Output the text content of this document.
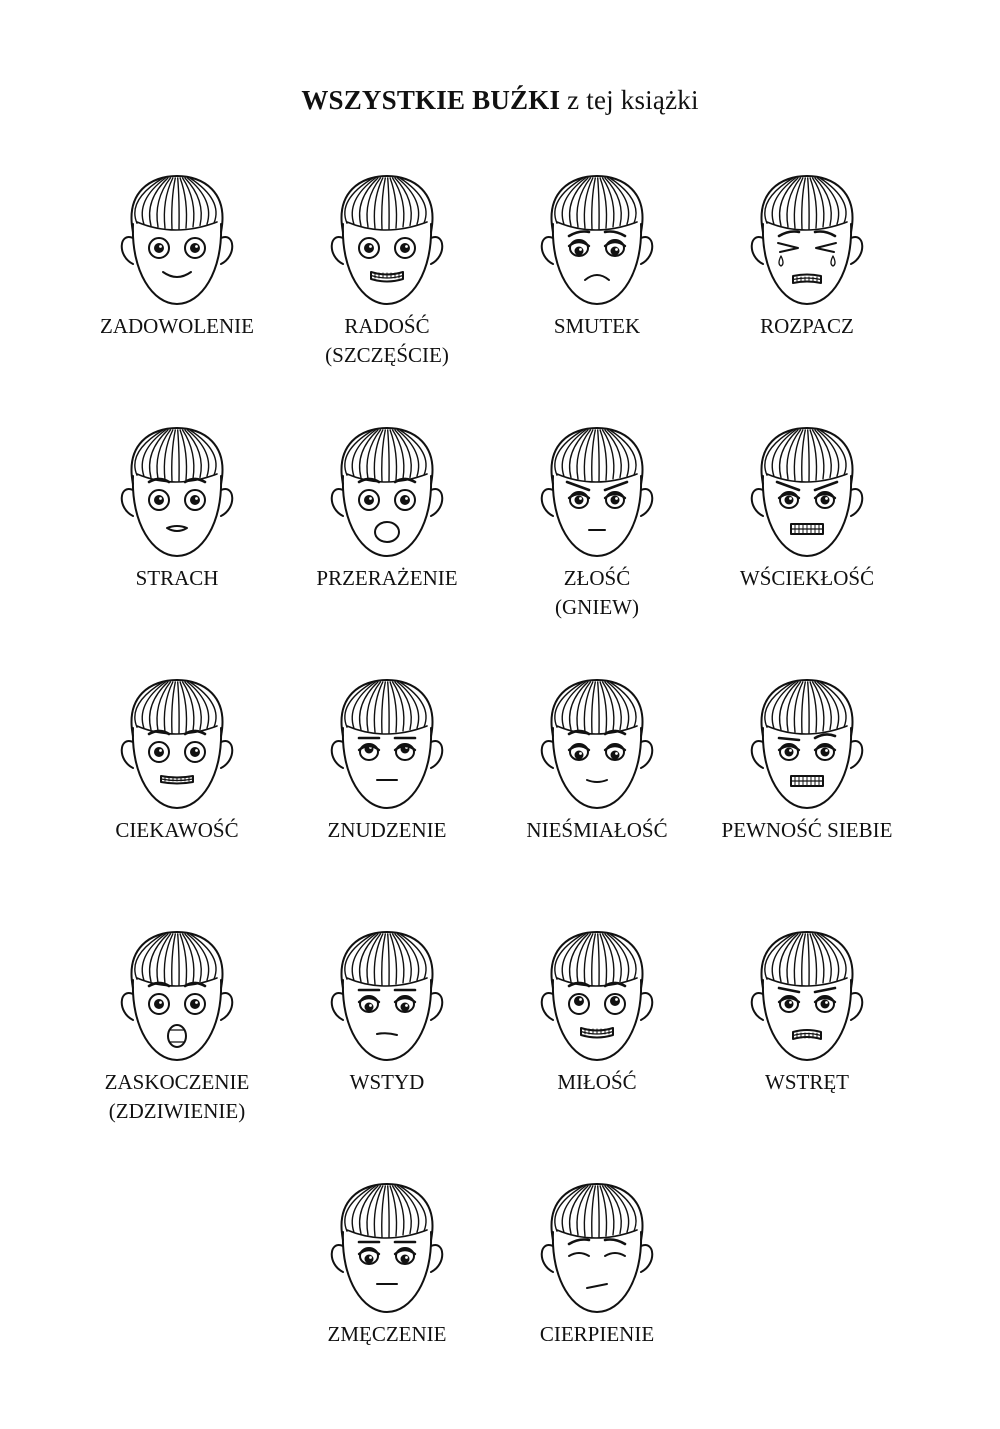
WSZYSTKIE BUŹKI z tej książki
ZADOWOLENIE	RADOŚĆ
(SZCZĘŚCIE)
SMUTEK	ROZPACZ
STRACH	PRZERAŻENIE	ZŁOŚĆ
(GNIEW)
WŚCIEKŁOŚĆ
CIEKAWOŚĆ	ZNUDZENIE	NIEŚMIAŁOŚĆ	PEWNOŚĆ SIEBIE
ZASKOCZENIE
(ZDZIWIENIE)
WSTYD	MIŁOŚĆ	WSTRĘT
ZMĘCZENIE	CIERPIENIE
